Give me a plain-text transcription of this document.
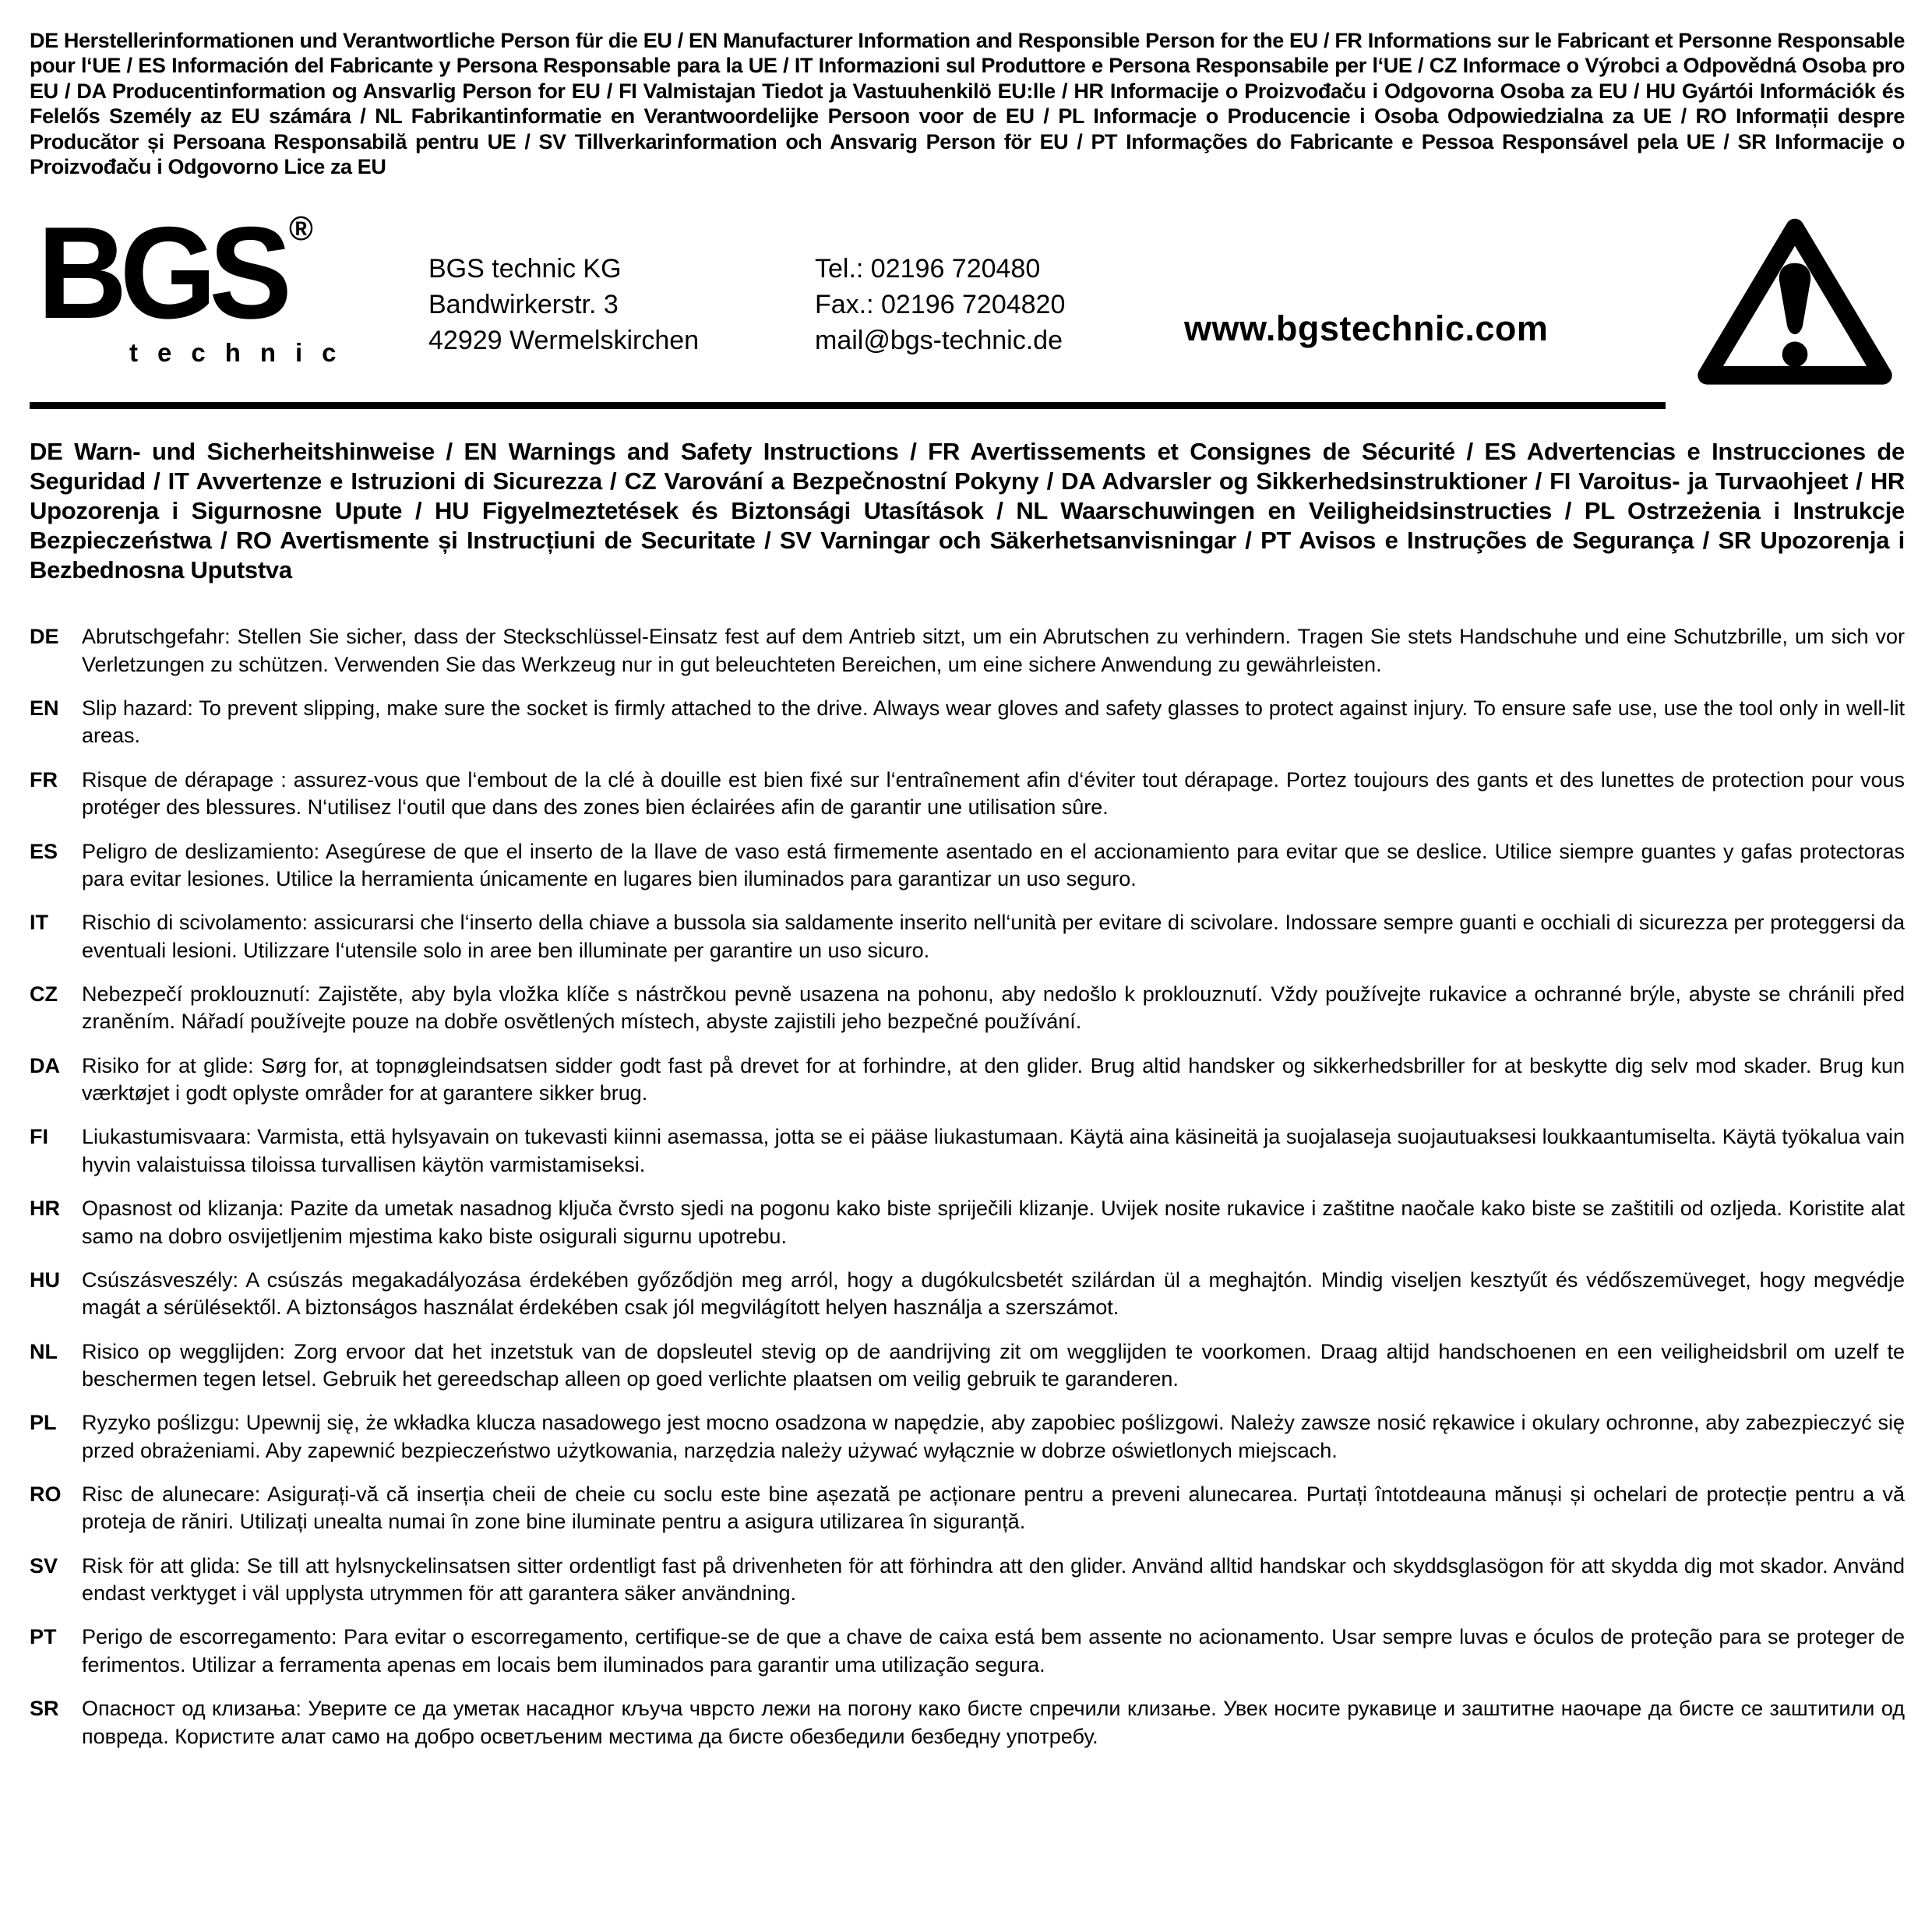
DE Herstellerinformationen und Verantwortliche Person für die EU / EN Manufacturer Information and Responsible Person for the EU / FR Informations sur le Fabricant et Personne Responsable pour l‘UE / ES Información del Fabricante y Persona Responsable para la UE / IT Informazioni sul Produttore e Persona Responsabile per l‘UE / CZ Informace o Výrobci a Odpovědná Osoba pro EU / DA Producentinformation og Ansvarlig Person for EU / FI Valmistajan Tiedot ja Vastuuhenkilö EU:lle / HR Informacije o Proizvođaču i Odgovorna Osoba za EU / HU Gyártói Információk és Felelős Személy az EU számára / NL Fabrikantinformatie en Verantwoordelijke Persoon voor de EU / PL Informacje o Producencie i Osoba Odpowiedzialna za UE / RO Informații despre Producător și Persoana Responsabilă pentru UE / SV Tillverkarinformation och Ansvarig Person för EU / PT Informações do Fabricante e Pessoa Responsável pela UE / SR Informacije o Proizvođaču i Odgovorno Lice za EU

BGS ®
technic
BGS technic KG
Bandwirkerstr. 3
42929 Wermelskirchen
Tel.: 02196 720480
Fax.: 02196 7204820
mail@bgs-technic.de	www.bgstechnic.com

DE Warn- und Sicherheitshinweise / EN Warnings and Safety Instructions / FR Avertissements et Consignes de Sécurité / ES Advertencias e Instrucciones de Seguridad / IT Avvertenze e Istruzioni di Sicurezza / CZ Varování a Bezpečnostní Pokyny / DA Advarsler og Sikkerhedsinstruktioner / FI Varoitus- ja Turvaohjeet / HR Upozorenja i Sigurnosne Upute / HU Figyelmeztetések és Biztonsági Utasítások / NL Waarschuwingen en Veiligheidsinstructies / PL Ostrzeżenia i Instrukcje Bezpieczeństwa / RO Avertismente și Instrucțiuni de Securitate / SV Varningar och Säkerhetsanvisningar / PT Avisos e Instruções de Segurança / SR Upozorenja i Bezbednosna Uputstva

DE	Abrutschgefahr: Stellen Sie sicher, dass der Steckschlüssel-Einsatz fest auf dem Antrieb sitzt, um ein Abrutschen zu verhindern. Tragen Sie stets Handschuhe und eine Schutzbrille, um sich vor Verletzungen zu schützen. Verwenden Sie das Werkzeug nur in gut beleuchteten Bereichen, um eine sichere Anwendung zu gewährleisten.
EN	Slip hazard: To prevent slipping, make sure the socket is firmly attached to the drive. Always wear gloves and safety glasses to protect against injury. To ensure safe use, use the tool only in well-lit areas.
FR	Risque de dérapage : assurez-vous que l‘embout de la clé à douille est bien fixé sur l‘entraînement afin d‘éviter tout dérapage. Portez toujours des gants et des lunettes de protection pour vous protéger des blessures. N‘utilisez l‘outil que dans des zones bien éclairées afin de garantir une utilisation sûre.
ES	Peligro de deslizamiento: Asegúrese de que el inserto de la llave de vaso está firmemente asentado en el accionamiento para evitar que se deslice. Utilice siempre guantes y gafas protectoras para evitar lesiones. Utilice la herramienta únicamente en lugares bien iluminados para garantizar un uso seguro.
IT	Rischio di scivolamento: assicurarsi che l‘inserto della chiave a bussola sia saldamente inserito nell‘unità per evitare di scivolare. Indossare sempre guanti e occhiali di sicurezza per proteggersi da eventuali lesioni. Utilizzare l‘utensile solo in aree ben illuminate per garantire un uso sicuro.
CZ	Nebezpečí proklouznutí: Zajistěte, aby byla vložka klíče s nástrčkou pevně usazena na pohonu, aby nedošlo k proklouznutí. Vždy používejte rukavice a ochranné brýle, abyste se chránili před zraněním. Nářadí používejte pouze na dobře osvětlených místech, abyste zajistili jeho bezpečné používání.
DA	Risiko for at glide: Sørg for, at topnøgleindsatsen sidder godt fast på drevet for at forhindre, at den glider. Brug altid handsker og sikkerhedsbriller for at beskytte dig selv mod skader. Brug kun værktøjet i godt oplyste områder for at garantere sikker brug.
FI	Liukastumisvaara: Varmista, että hylsyavain on tukevasti kiinni asemassa, jotta se ei pääse liukastumaan. Käytä aina käsineitä ja suojalaseja suojautuaksesi loukkaantumiselta. Käytä työkalua vain hyvin valaistuissa tiloissa turvallisen käytön varmistamiseksi.
HR	Opasnost od klizanja: Pazite da umetak nasadnog ključa čvrsto sjedi na pogonu kako biste spriječili klizanje. Uvijek nosite rukavice i zaštitne naočale kako biste se zaštitili od ozljeda. Koristite alat samo na dobro osvijetljenim mjestima kako biste osigurali sigurnu upotrebu.
HU	Csúszásveszély: A csúszás megakadályozása érdekében győződjön meg arról, hogy a dugókulcsbetét szilárdan ül a meghajtón. Mindig viseljen kesztyűt és védőszemüveget, hogy megvédje magát a sérülésektől. A biztonságos használat érdekében csak jól megvilágított helyen használja a szerszámot.
NL	Risico op wegglijden: Zorg ervoor dat het inzetstuk van de dopsleutel stevig op de aandrijving zit om wegglijden te voorkomen. Draag altijd handschoenen en een veiligheidsbril om uzelf te beschermen tegen letsel. Gebruik het gereedschap alleen op goed verlichte plaatsen om veilig gebruik te garanderen.
PL	Ryzyko poślizgu: Upewnij się, że wkładka klucza nasadowego jest mocno osadzona w napędzie, aby zapobiec poślizgowi. Należy zawsze nosić rękawice i okulary ochronne, aby zabezpieczyć się przed obrażeniami. Aby zapewnić bezpieczeństwo użytkowania, narzędzia należy używać wyłącznie w dobrze oświetlonych miejscach.
RO Risc de alunecare: Asigurați-vă că inserția cheii de cheie cu soclu este bine așezată pe acționare pentru a preveni alunecarea. Purtați întotdeauna mănuși și ochelari de protecție pentru a vă proteja de răniri. Utilizați unealta numai în zone bine iluminate pentru a asigura utilizarea în siguranță.
SV	Risk för att glida: Se till att hylsnyckelinsatsen sitter ordentligt fast på drivenheten för att förhindra att den glider. Använd alltid handskar och skyddsglasögon för att skydda dig mot skador. Använd endast verktyget i väl upplysta utrymmen för att garantera säker användning.
PT	Perigo de escorregamento: Para evitar o escorregamento, certifique-se de que a chave de caixa está bem assente no acionamento. Usar sempre luvas e óculos de proteção para se proteger de ferimentos. Utilizar a ferramenta apenas em locais bem iluminados para garantir uma utilização segura.
SR	Опасност од клизања: Уверите се да уметак насадног кључа чврсто лежи на погону како бисте спречили клизање. Увек носите рукавице и заштитне наочаре да бисте се заштитили од повреда. Користите алат само на добро осветљеним местима да бисте обезбедили безбедну употребу.
